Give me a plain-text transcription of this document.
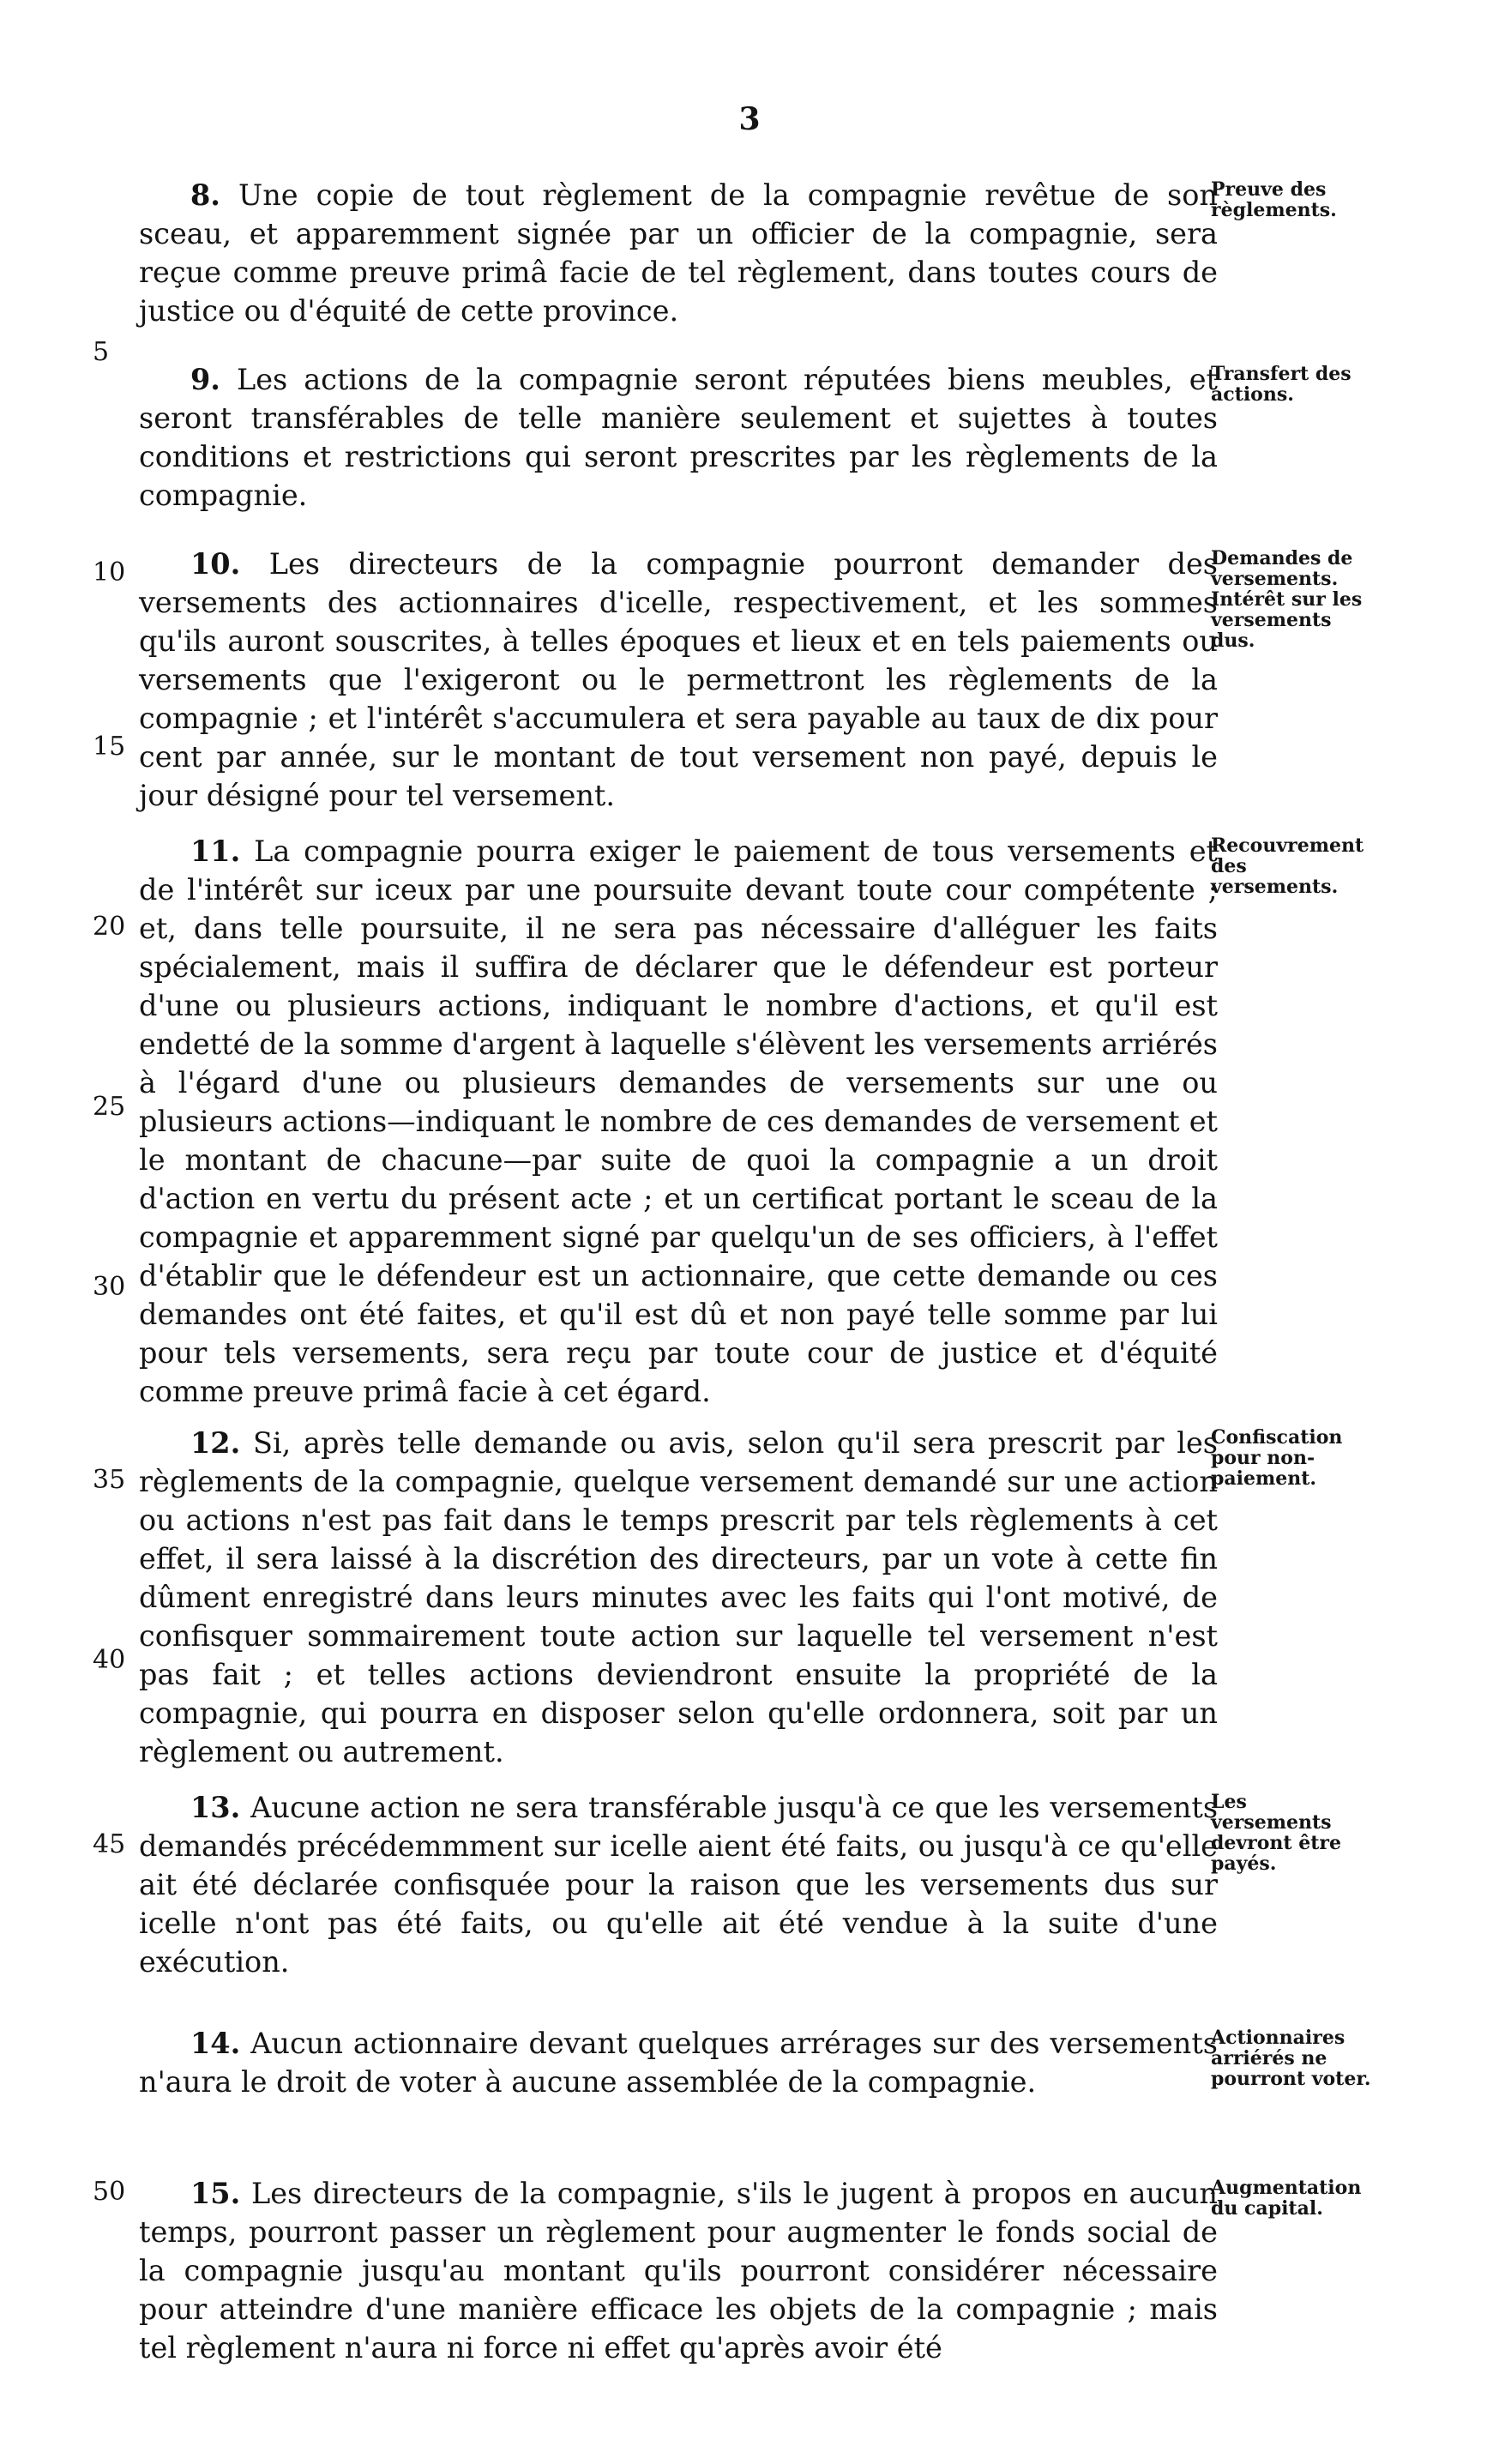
3
8. Une copie de tout règlement de la compagnie revêtue de son sceau, et apparemment signée par un officier de la compagnie, sera reçue comme preuve primâ facie de tel règlement, dans toutes cours de justice ou d'équité de cette province.
Preuve des règlements.
9. Les actions de la compagnie seront réputées biens meubles, et seront transférables de telle manière seulement et sujettes à toutes conditions et restrictions qui seront prescrites par les règlements de la compagnie.
Transfert des actions.
10. Les directeurs de la compagnie pourront demander des versements des actionnaires d'icelle, respectivement, et les sommes qu'ils auront souscrites, à telles époques et lieux et en tels paiements ou versements que l'exigeront ou le permettront les règlements de la compagnie ; et l'intérêt s'accumulera et sera payable au taux de dix pour cent par année, sur le montant de tout versement non payé, depuis le jour désigné pour tel versement.
Demandes de versements. Intérêt sur les versements dus.
11. La compagnie pourra exiger le paiement de tous versements et de l'intérêt sur iceux par une poursuite devant toute cour compétente ; et, dans telle poursuite, il ne sera pas nécessaire d'alléguer les faits spécialement, mais il suffira de déclarer que le défendeur est porteur d'une ou plusieurs actions, indiquant le nombre d'actions, et qu'il est endetté de la somme d'argent à laquelle s'élèvent les versements arriérés à l'égard d'une ou plusieurs demandes de versements sur une ou plusieurs actions—indiquant le nombre de ces demandes de versement et le montant de chacune—par suite de quoi la compagnie a un droit d'action en vertu du présent acte ; et un certificat portant le sceau de la compagnie et apparemment signé par quelqu'un de ses officiers, à l'effet d'établir que le défendeur est un actionnaire, que cette demande ou ces demandes ont été faites, et qu'il est dû et non payé telle somme par lui pour tels versements, sera reçu par toute cour de justice et d'équité comme preuve primâ facie à cet égard.
Recouvrement des versements.
12. Si, après telle demande ou avis, selon qu'il sera prescrit par les règlements de la compagnie, quelque versement demandé sur une action ou actions n'est pas fait dans le temps prescrit par tels règlements à cet effet, il sera laissé à la discrétion des directeurs, par un vote à cette fin dûment enregistré dans leurs minutes avec les faits qui l'ont motivé, de confisquer sommairement toute action sur laquelle tel versement n'est pas fait ; et telles actions deviendront ensuite la propriété de la compagnie, qui pourra en disposer selon qu'elle ordonnera, soit par un règlement ou autrement.
Confiscation pour non-paiement.
13. Aucune action ne sera transférable jusqu'à ce que les versements demandés précédemmment sur icelle aient été faits, ou jusqu'à ce qu'elle ait été déclarée confisquée pour la raison que les versements dus sur icelle n'ont pas été faits, ou qu'elle ait été vendue à la suite d'une exécution.
Les versements devront être payés.
14. Aucun actionnaire devant quelques arrérages sur des versements n'aura le droit de voter à aucune assemblée de la compagnie.
Actionnaires arriérés ne pourront voter.
15. Les directeurs de la compagnie, s'ils le jugent à propos en aucun temps, pourront passer un règlement pour augmenter le fonds social de la compagnie jusqu'au montant qu'ils pourront considérer nécessaire pour atteindre d'une manière efficace les objets de la compagnie ; mais tel règlement n'aura ni force ni effet qu'après avoir été
Augmentation du capital.
5
10
15
20
25
30
35
40
45
50
